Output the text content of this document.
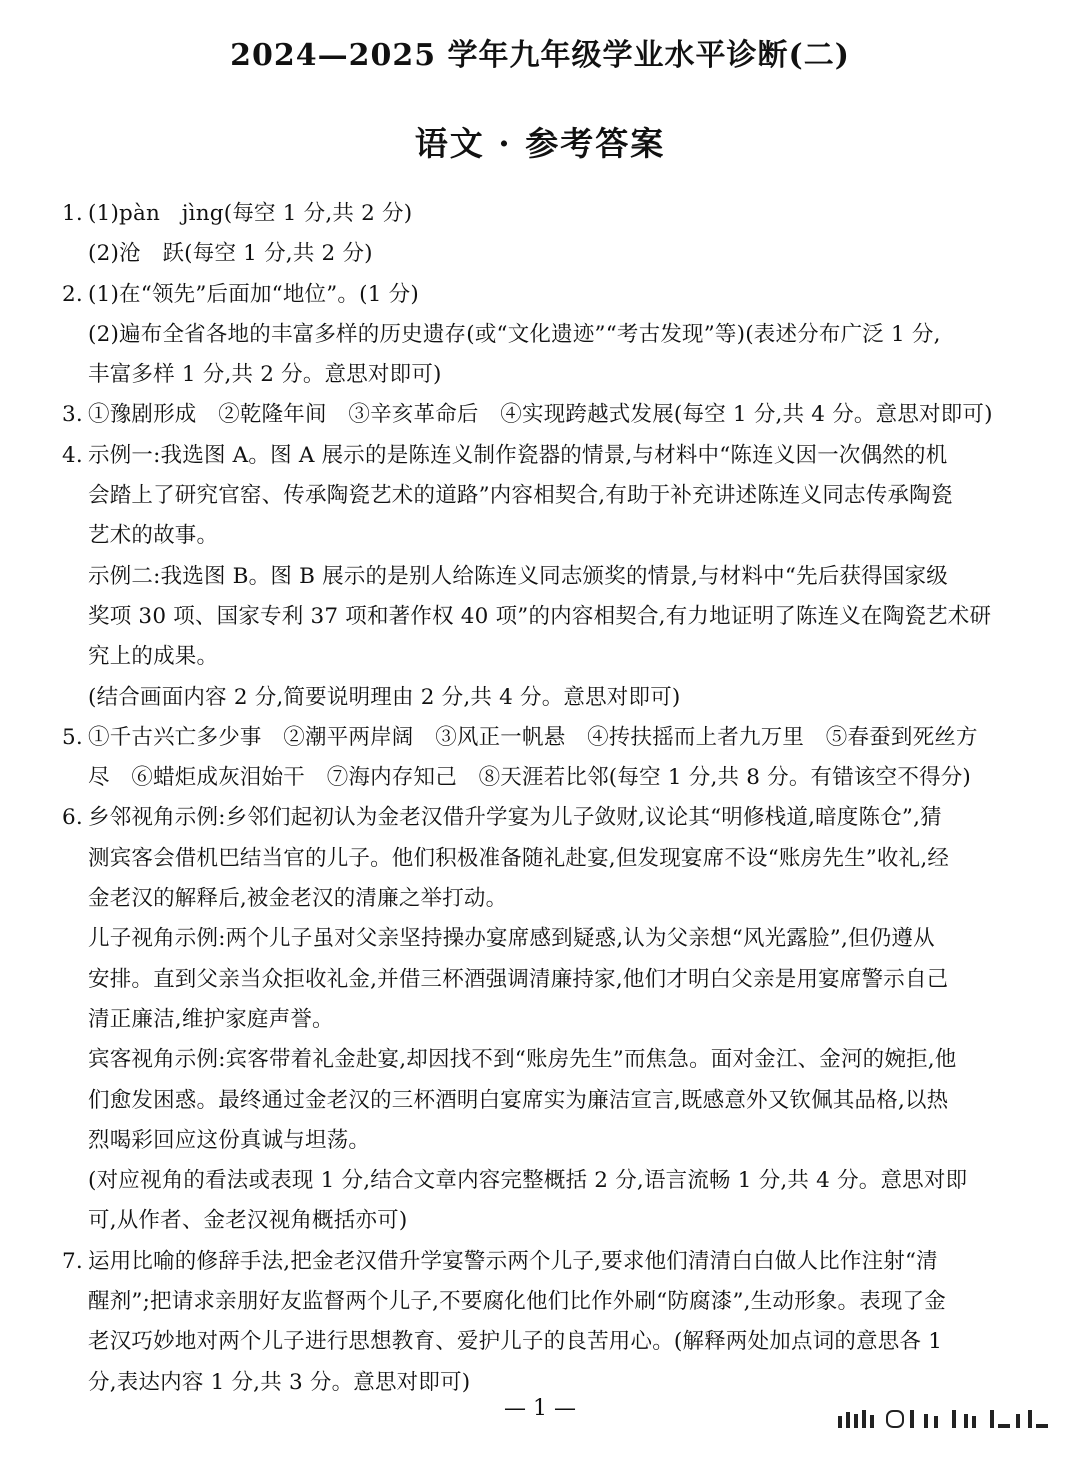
2024—2025 学年九年级学业水平诊断(二)
语文 · 参考答案
1. (1)pàn　jìng(每空 1 分,共 2 分)

(2)沧　跃(每空 1 分,共 2 分)

2. (1)在“领先”后面加“地位”。(1 分)

(2)遍布全省各地的丰富多样的历史遗存(或“文化遗迹”“考古发现”等)(表述分布广泛 1 分,

丰富多样 1 分,共 2 分。意思对即可)

3. ①豫剧形成　②乾隆年间　③辛亥革命后　④实现跨越式发展(每空 1 分,共 4 分。意思对即可)

4. 示例一:我选图 A。图 A 展示的是陈连义制作瓷器的情景,与材料中“陈连义因一次偶然的机

会踏上了研究官窑、传承陶瓷艺术的道路”内容相契合,有助于补充讲述陈连义同志传承陶瓷

艺术的故事。

示例二:我选图 B。图 B 展示的是别人给陈连义同志颁奖的情景,与材料中“先后获得国家级

奖项 30 项、国家专利 37 项和著作权 40 项”的内容相契合,有力地证明了陈连义在陶瓷艺术研

究上的成果。

(结合画面内容 2 分,简要说明理由 2 分,共 4 分。意思对即可)

5. ①千古兴亡多少事　②潮平两岸阔　③风正一帆悬　④抟扶摇而上者九万里　⑤春蚕到死丝方

尽　⑥蜡炬成灰泪始干　⑦海内存知己　⑧天涯若比邻(每空 1 分,共 8 分。有错该空不得分)

6. 乡邻视角示例:乡邻们起初认为金老汉借升学宴为儿子敛财,议论其“明修栈道,暗度陈仓”,猜

测宾客会借机巴结当官的儿子。他们积极准备随礼赴宴,但发现宴席不设“账房先生”收礼,经

金老汉的解释后,被金老汉的清廉之举打动。

儿子视角示例:两个儿子虽对父亲坚持操办宴席感到疑惑,认为父亲想“风光露脸”,但仍遵从

安排。直到父亲当众拒收礼金,并借三杯酒强调清廉持家,他们才明白父亲是用宴席警示自己

清正廉洁,维护家庭声誉。

宾客视角示例:宾客带着礼金赴宴,却因找不到“账房先生”而焦急。面对金江、金河的婉拒,他

们愈发困惑。最终通过金老汉的三杯酒明白宴席实为廉洁宣言,既感意外又钦佩其品格,以热

烈喝彩回应这份真诚与坦荡。

(对应视角的看法或表现 1 分,结合文章内容完整概括 2 分,语言流畅 1 分,共 4 分。意思对即

可,从作者、金老汉视角概括亦可)

7. 运用比喻的修辞手法,把金老汉借升学宴警示两个儿子,要求他们清清白白做人比作注射“清

醒剂”;把请求亲朋好友监督两个儿子,不要腐化他们比作外刷“防腐漆”,生动形象。表现了金

老汉巧妙地对两个儿子进行思想教育、爱护儿子的良苦用心。(解释两处加点词的意思各 1

分,表达内容 1 分,共 3 分。意思对即可)

— 1 —
